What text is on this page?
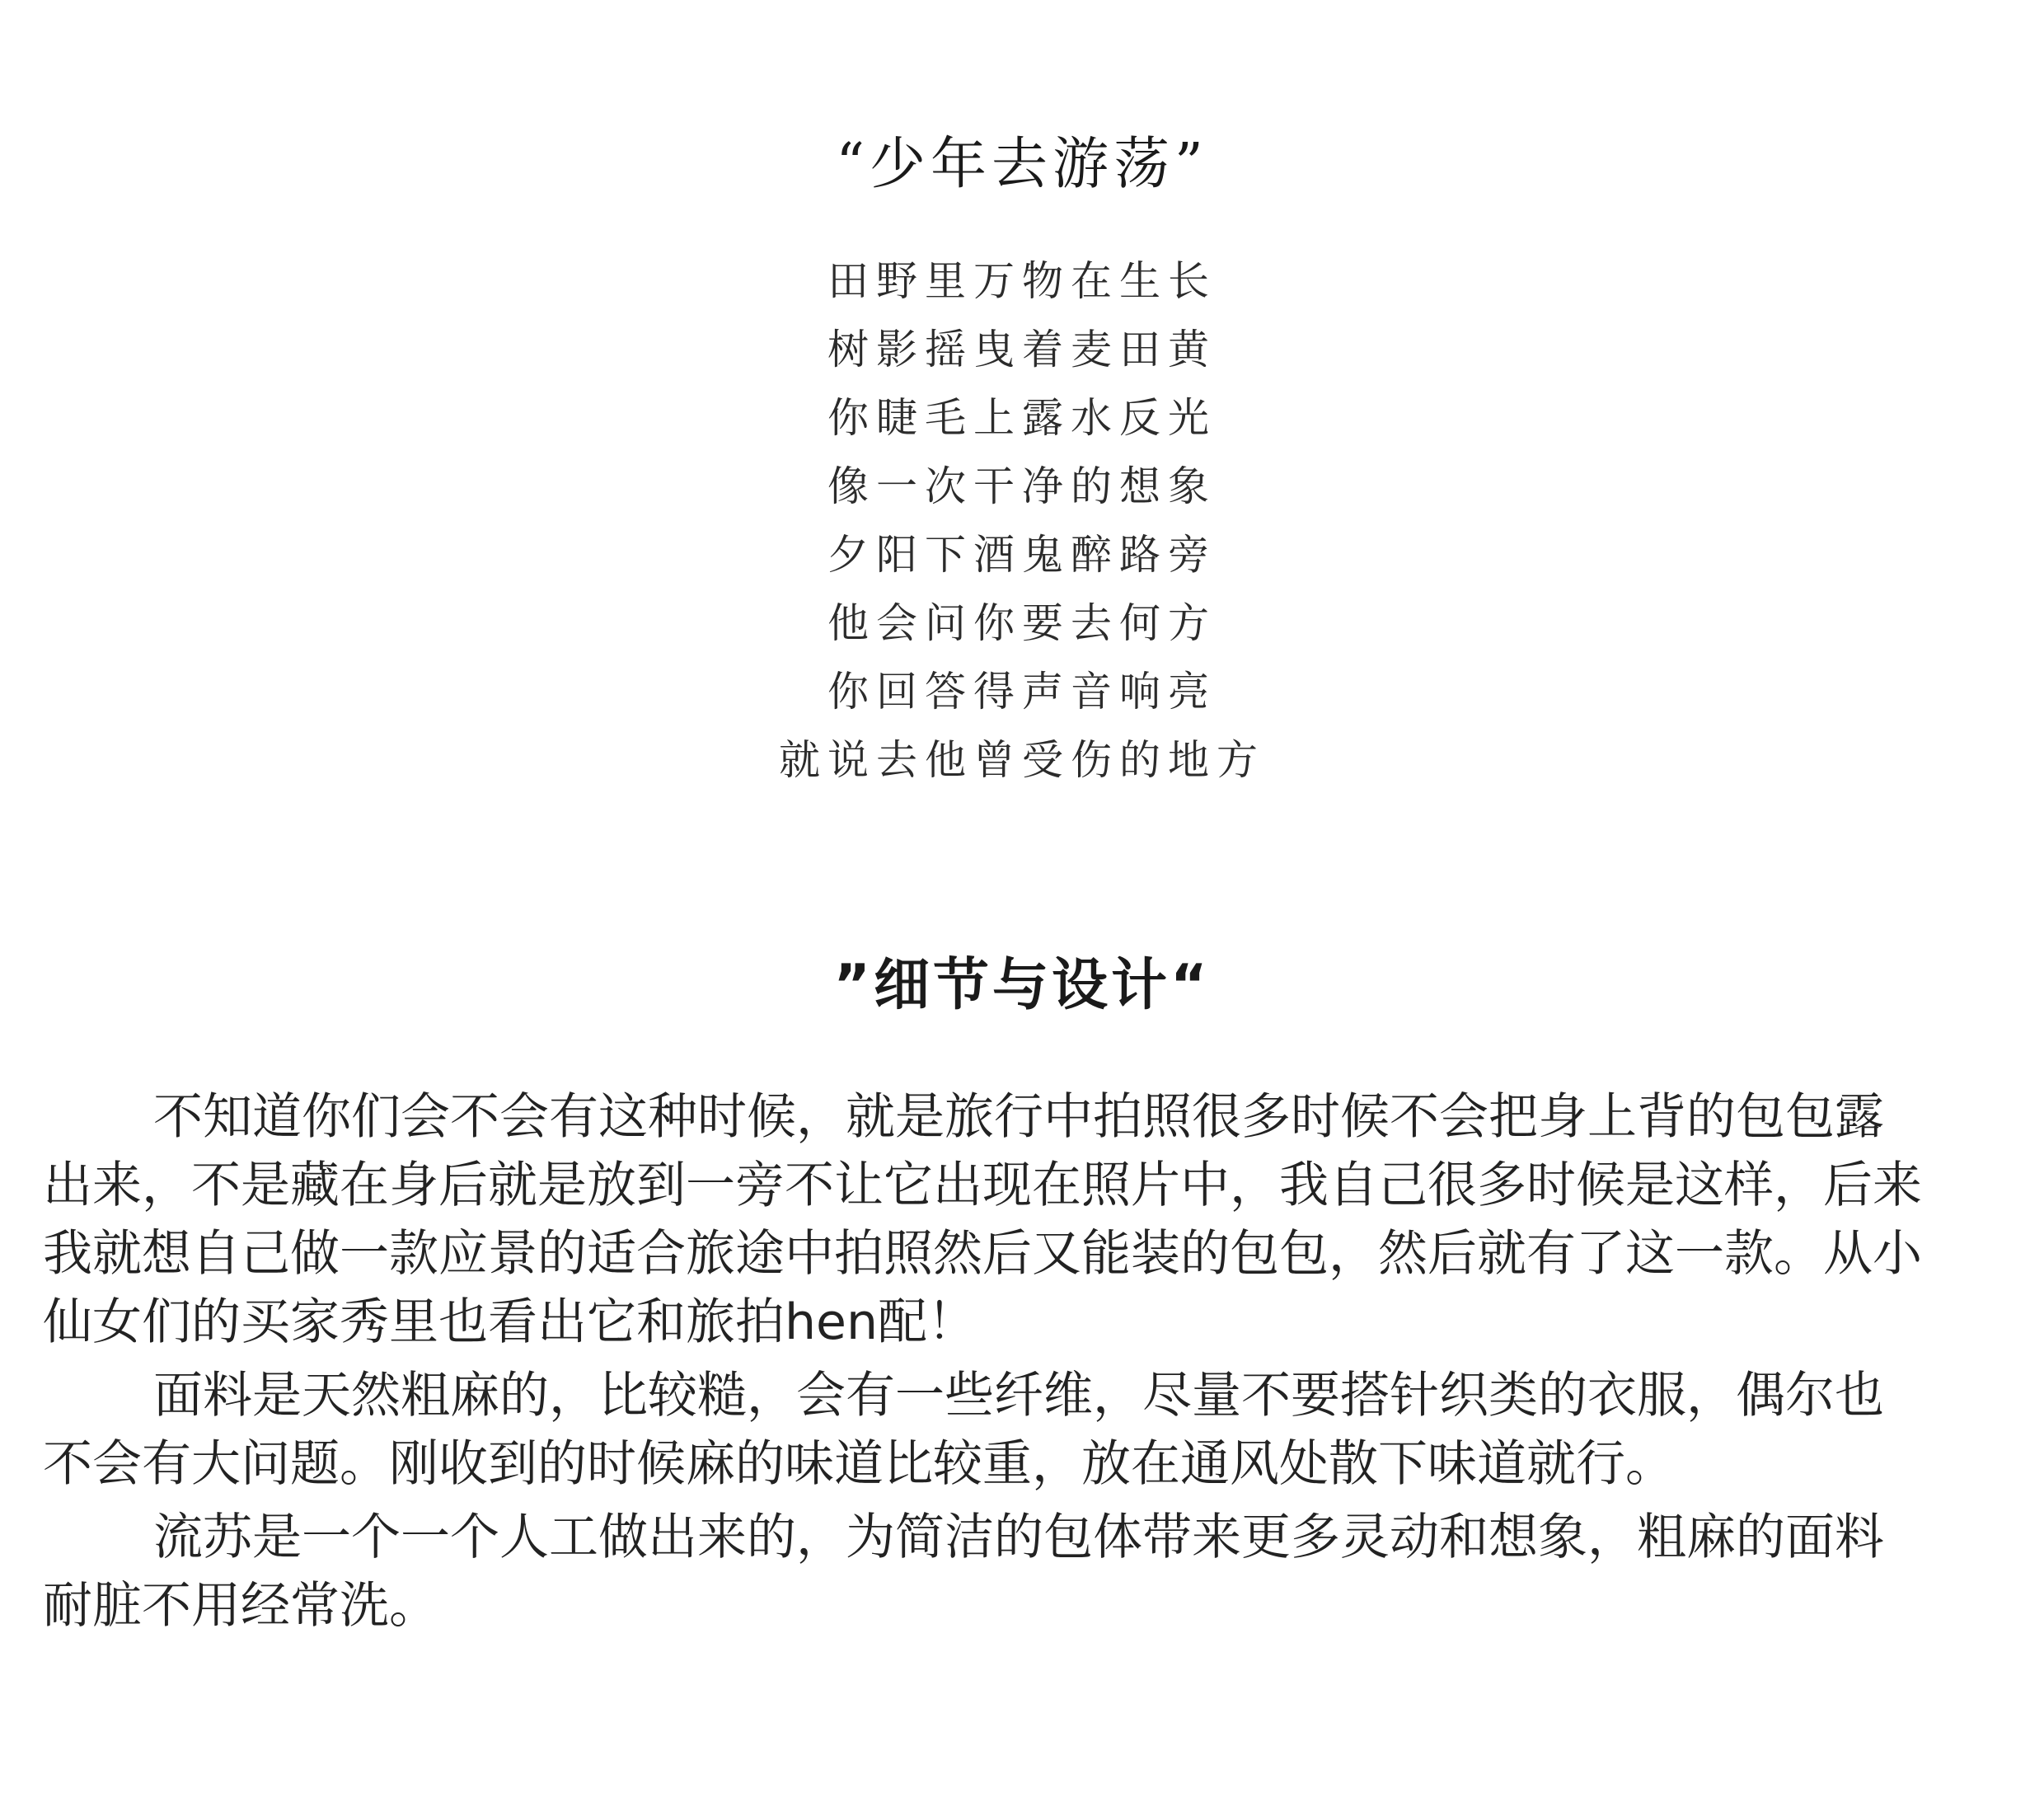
“少年去游荡”
田野里万物在生长
树影摇曳着麦田黄
你睫毛上露水反光
像一次干净的想象
夕阳下酒鬼醉路旁
他会问你要去何方
你回答得声音响亮
就说去他曾受伤的地方
”细节与设计“

不知道你们会不会有这种时候，就是旅行中拍照很多时候不会把身上背的包包露出来，不是藏在身后就是放到一旁不让它出现在照片中，我自己很多时候是这样，后来我就想自己做一款应景的适合旅途中拍照然后又能装的包包，然后就有了这一款。从小仙女们的买家秀里也看出它和旅拍hen配！

面料是天然粗麻的，比较糙，会有一些纤维，尽量不要搭针织类的衣服，偶尔也不会有大问题。刚收到的时候麻的味道比较重，放在通风处散下味道就行。

流苏是一个一个人工做出来的，为简洁的包体带来更多灵动和想象，粗麻的面料耐脏不用经常洗。
